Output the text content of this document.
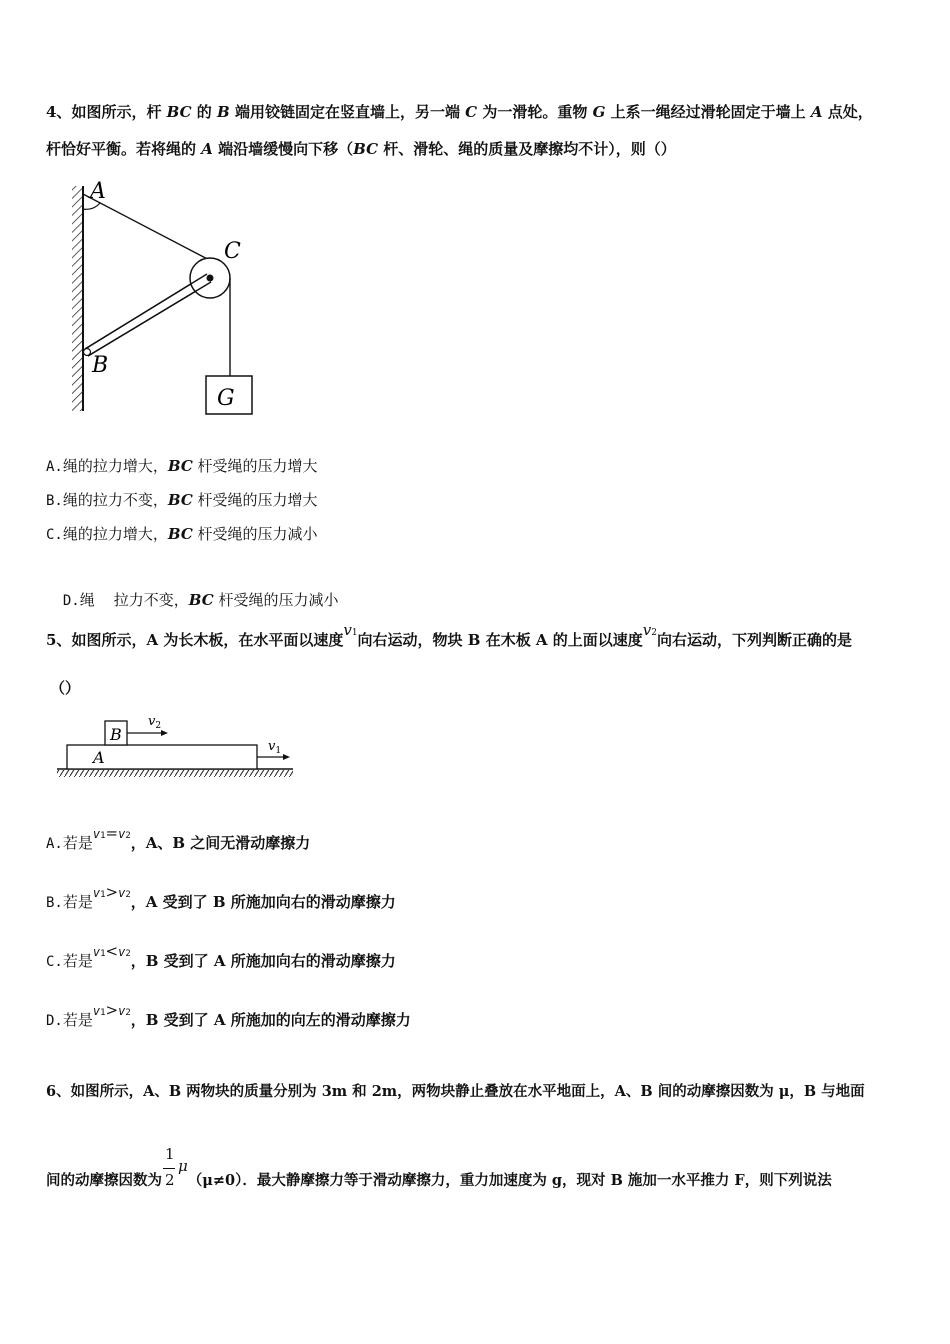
4、如图所示，杆 BC 的 B 端用铰链固定在竖直墙上，另一端 C 为一滑轮。重物 G 上系一绳经过滑轮固定于墙上 A 点处，
杆恰好平衡。若将绳的 A 端沿墙缓慢向下移（BC 杆、滑轮、绳的质量及摩擦均不计），则（）
A
C
B
G
A.绳的拉力增大，BC 杆受绳的压力增大
B.绳的拉力不变，BC 杆受绳的压力增大
C.绳的拉力增大，BC 杆受绳的压力减小

D.绳    拉力不变，BC 杆受绳的压力减小

5、如图所示，A 为长木板，在水平面以速度v1向右运动，物块 B 在木板 A 的上面以速度v2向右运动，下列判断正确的是
（）
B
A
$v_2$
$v_1$
A.若是v1=v2，A、B 之间无滑动摩擦力
B.若是v1>v2，A 受到了 B 所施加向右的滑动摩擦力
C.若是v1<v2，B 受到了 A 所施加向右的滑动摩擦力
D.若是v1>v2，B 受到了 A 所施加的向左的滑动摩擦力
6、如图所示，A、B 两物块的质量分别为 3m 和 2m，两物块静止叠放在水平地面上，A、B 间的动摩擦因数为 μ，B 与地面
间的动摩擦因数为 $\frac{1}{2}$
μ（μ≠0）．最大静摩擦力等于滑动摩擦力，重力加速度为 g，现对 B 施加一水平推力 F，则下列说法
